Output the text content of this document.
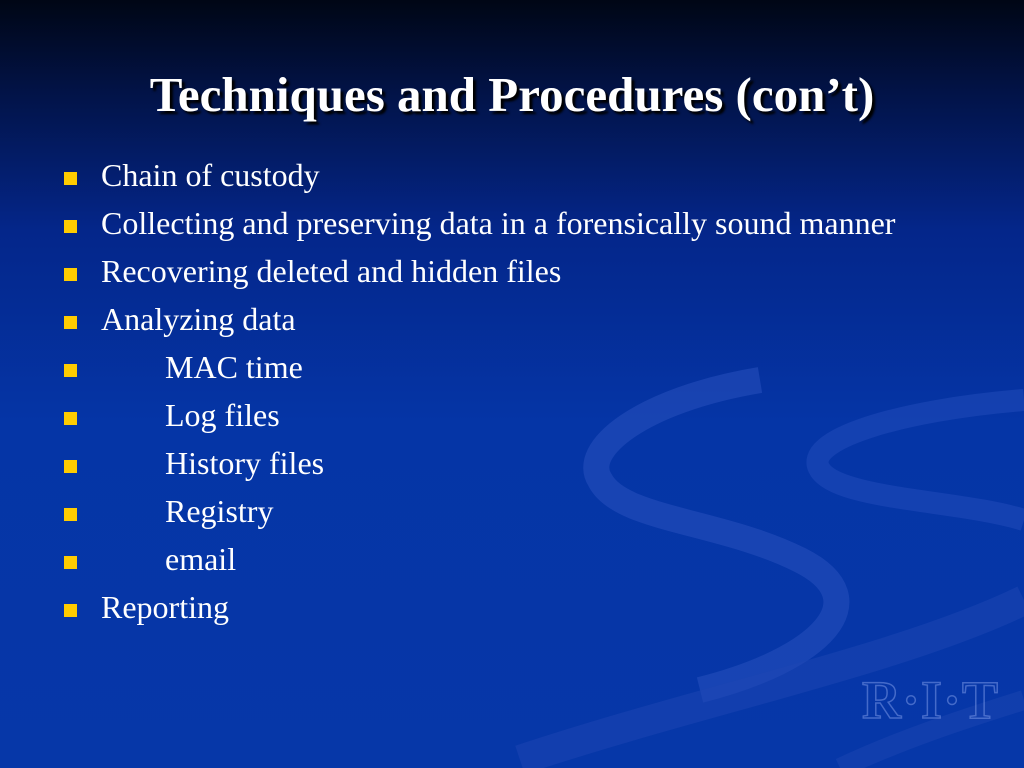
Techniques and Procedures (con’t)
Chain of custody
Collecting and preserving data in a forensically sound manner
Recovering deleted and hidden files
Analyzing data
MAC time
Log files
History files
Registry
email
Reporting
R·I·T
